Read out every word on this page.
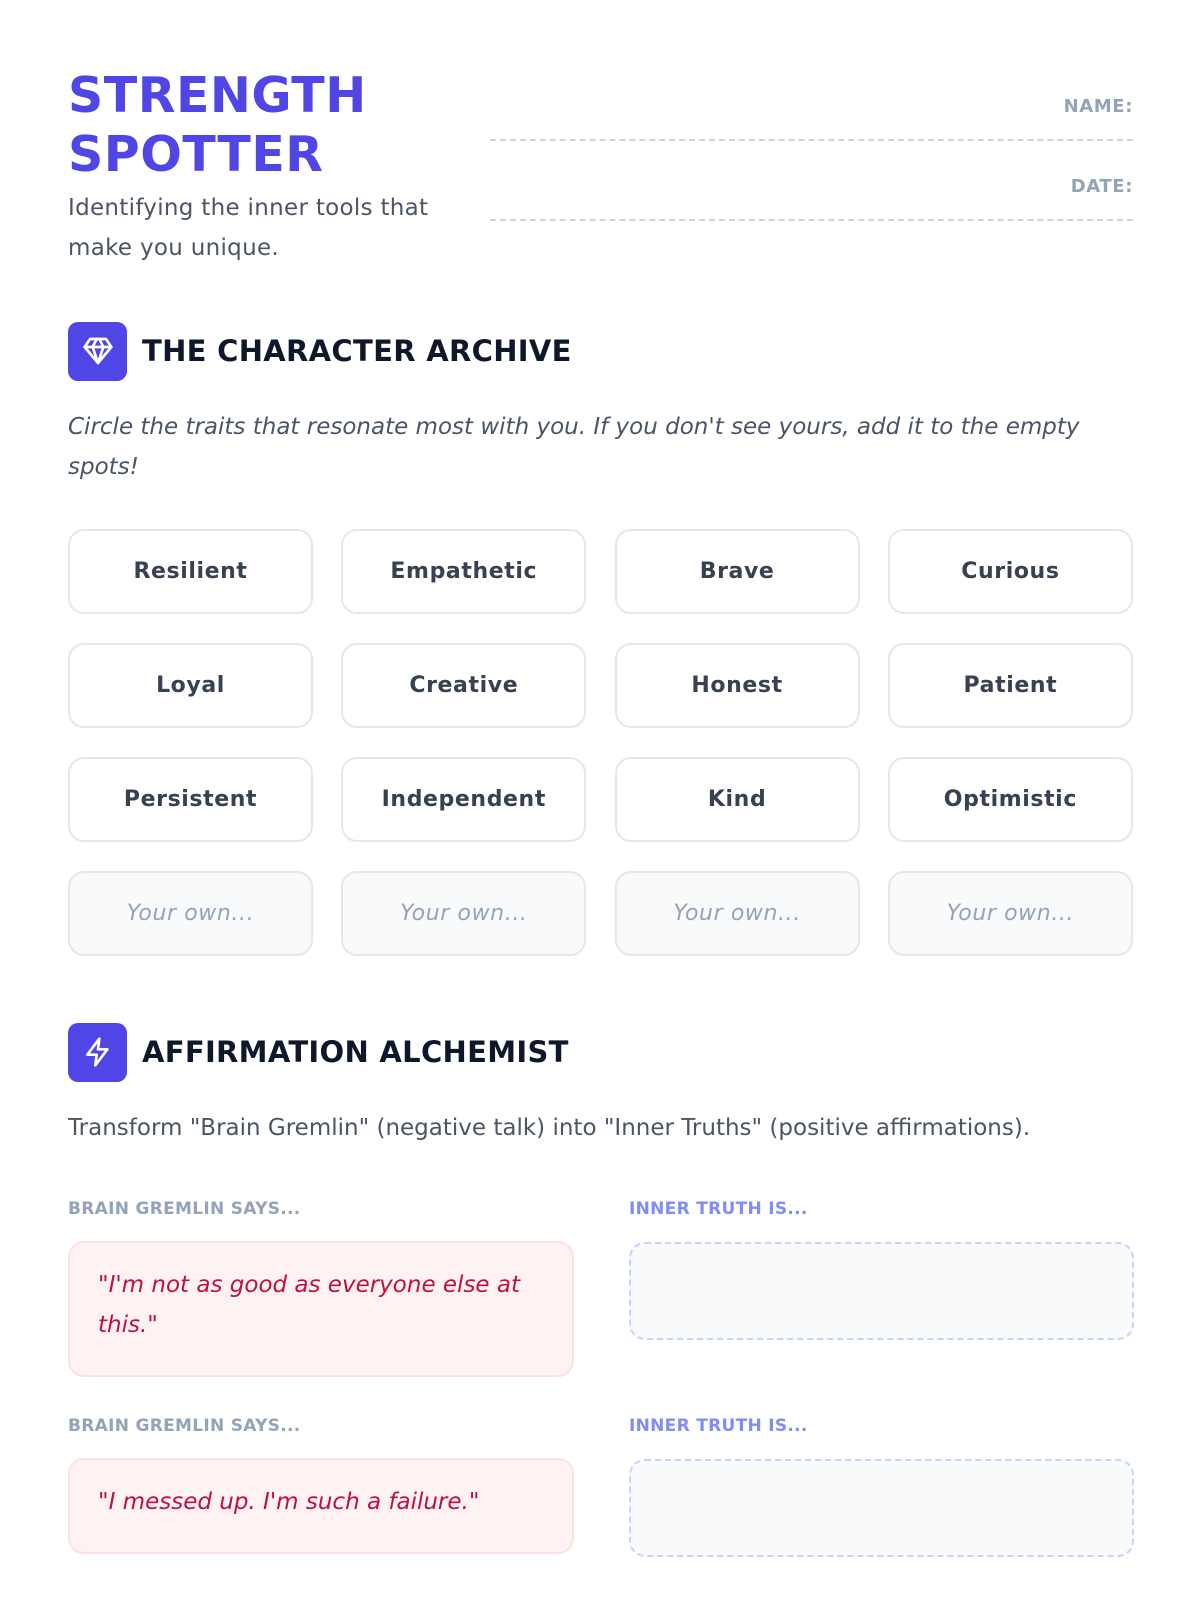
STRENGTH
SPOTTER
Identifying the inner tools that make you unique.
NAME:
DATE:
THE CHARACTER ARCHIVE
Circle the traits that resonate most with you. If you don't see yours, add it to the empty spots!
Resilient	Empathetic	Brave	Curious
Loyal	Creative	Honest	Patient
Persistent	Independent	Kind	Optimistic
Your own...	Your own...	Your own...	Your own...
AFFIRMATION ALCHEMIST
Transform "Brain Gremlin" (negative talk) into "Inner Truths" (positive affirmations).
BRAIN GREMLIN SAYS...	INNER TRUTH IS...
"I'm not as good as everyone else at this."
BRAIN GREMLIN SAYS...	INNER TRUTH IS...
"I messed up. I'm such a failure."
